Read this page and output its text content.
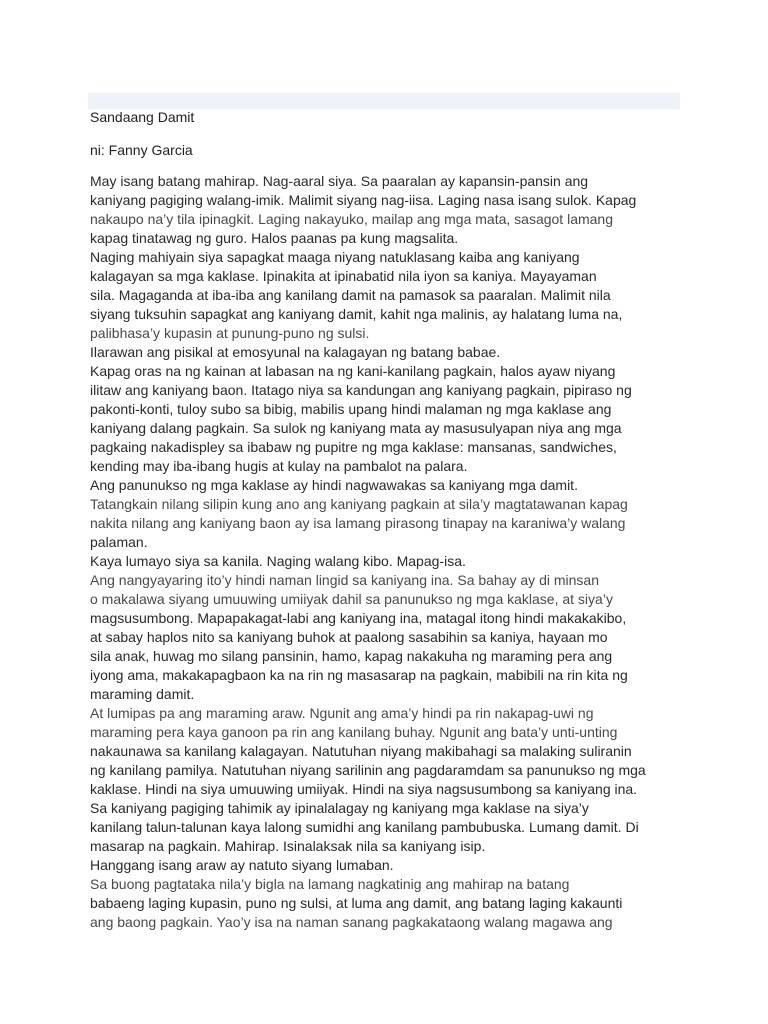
Sandaang Damit
ni: Fanny Garcia
May isang batang mahirap. Nag-aaral siya. Sa paaralan ay kapansin-pansin ang
kaniyang pagiging walang-imik. Malimit siyang nag-iisa. Laging nasa isang sulok. Kapag
nakaupo na’y tila ipinagkit. Laging nakayuko, mailap ang mga mata, sasagot lamang
kapag tinatawag ng guro. Halos paanas pa kung magsalita.
Naging mahiyain siya sapagkat maaga niyang natuklasang kaiba ang kaniyang
kalagayan sa mga kaklase. Ipinakita at ipinabatid nila iyon sa kaniya. Mayayaman
sila. Magaganda at iba-iba ang kanilang damit na pamasok sa paaralan. Malimit nila
siyang tuksuhin sapagkat ang kaniyang damit, kahit nga malinis, ay halatang luma na,
palibhasa’y kupasin at punung-puno ng sulsi.
Ilarawan ang pisikal at emosyunal na kalagayan ng batang babae.
Kapag oras na ng kainan at labasan na ng kani-kanilang pagkain, halos ayaw niyang
ilitaw ang kaniyang baon. Itatago niya sa kandungan ang kaniyang pagkain, pipiraso ng
pakonti-konti, tuloy subo sa bibig, mabilis upang hindi malaman ng mga kaklase ang
kaniyang dalang pagkain. Sa sulok ng kaniyang mata ay masusulyapan niya ang mga
pagkaing nakadispley sa ibabaw ng pupitre ng mga kaklase: mansanas, sandwiches,
kending may iba-ibang hugis at kulay na pambalot na palara.
Ang panunukso ng mga kaklase ay hindi nagwawakas sa kaniyang mga damit.
Tatangkain nilang silipin kung ano ang kaniyang pagkain at sila’y magtatawanan kapag
nakita nilang ang kaniyang baon ay isa lamang pirasong tinapay na karaniwa’y walang
palaman.
Kaya lumayo siya sa kanila. Naging walang kibo. Mapag-isa.
Ang nangyayaring ito’y hindi naman lingid sa kaniyang ina. Sa bahay ay di minsan
o makalawa siyang umuuwing umiiyak dahil sa panunukso ng mga kaklase, at siya’y
magsusumbong. Mapapakagat-labi ang kaniyang ina, matagal itong hindi makakakibo,
at sabay haplos nito sa kaniyang buhok at paalong sasabihin sa kaniya, hayaan mo
sila anak, huwag mo silang pansinin, hamo, kapag nakakuha ng maraming pera ang
iyong ama, makakapagbaon ka na rin ng masasarap na pagkain, mabibili na rin kita ng
maraming damit.
At lumipas pa ang maraming araw. Ngunit ang ama’y hindi pa rin nakapag-uwi ng
maraming pera kaya ganoon pa rin ang kanilang buhay. Ngunit ang bata’y unti-unting
nakaunawa sa kanilang kalagayan. Natutuhan niyang makibahagi sa malaking suliranin
ng kanilang pamilya. Natutuhan niyang sarilinin ang pagdaramdam sa panunukso ng mga
kaklase. Hindi na siya umuuwing umiiyak. Hindi na siya nagsusumbong sa kaniyang ina.
Sa kaniyang pagiging tahimik ay ipinalalagay ng kaniyang mga kaklase na siya’y
kanilang talun-talunan kaya lalong sumidhi ang kanilang pambubuska. Lumang damit. Di
masarap na pagkain. Mahirap. Isinalaksak nila sa kaniyang isip.
Hanggang isang araw ay natuto siyang lumaban.
Sa buong pagtataka nila’y bigla na lamang nagkatinig ang mahirap na batang
babaeng laging kupasin, puno ng sulsi, at luma ang damit, ang batang laging kakaunti
ang baong pagkain. Yao’y isa na naman sanang pagkakataong walang magawa ang
